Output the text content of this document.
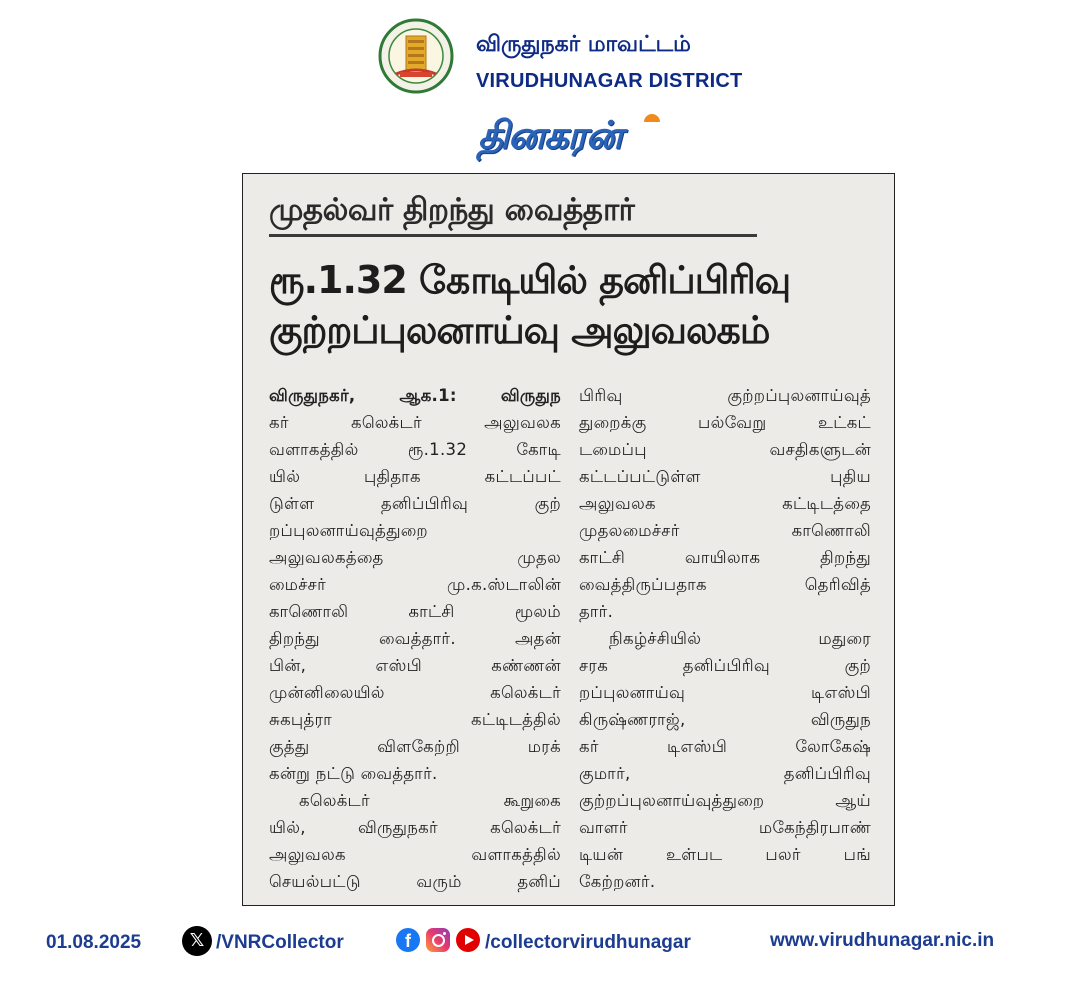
விருதுநகர் மாவட்டம்
VIRUDHUNAGAR DISTRICT
தினகரன்
முதல்வர் திறந்து வைத்தார்
ரூ.1.32 கோடியில் தனிப்பிரிவு
குற்றப்புலனாய்வு அலுவலகம்
விருதுநகர், ஆக.1: விருதுந
கர் கலெக்டர் அலுவலக
வளாகத்தில் ரூ.1.32 கோடி
யில் புதிதாக கட்டப்பட்
டுள்ள தனிப்பிரிவு குற்
றப்புலனாய்வுத்துறை
அலுவலகத்தை முதல
மைச்சர் மு.க.ஸ்டாலின்
காணொலி காட்சி மூலம்
திறந்து வைத்தார். அதன்
பின், எஸ்பி கண்ணன்
முன்னிலையில் கலெக்டர்
சுகபுத்ரா கட்டிடத்தில்
குத்து விளகேற்றி மரக்
கன்று நட்டு வைத்தார்.
கலெக்டர் கூறுகை
யில், விருதுநகர் கலெக்டர்
அலுவலக வளாகத்தில்
செயல்பட்டு வரும் தனிப்
பிரிவு குற்றப்புலனாய்வுத்
துறைக்கு பல்வேறு உட்கட்
டமைப்பு வசதிகளுடன்
கட்டப்பட்டுள்ள புதிய
அலுவலக கட்டிடத்தை
முதலமைச்சர் காணொலி
காட்சி வாயிலாக திறந்து
வைத்திருப்பதாக தெரிவித்
தார்.
நிகழ்ச்சியில் மதுரை
சரக தனிப்பிரிவு குற்
றப்புலனாய்வு டிஎஸ்பி
கிருஷ்ணராஜ், விருதுந
கர் டிஎஸ்பி லோகேஷ்
குமார், தனிப்பிரிவு
குற்றப்புலனாய்வுத்துறை ஆய்
வாளர் மகேந்திரபாண்
டியன் உள்பட பலர் பங்
கேற்றனர்.
01.08.2025	𝕏 /VNRCollector	f	/collectorvirudhunagar	www.virudhunagar.nic.in
